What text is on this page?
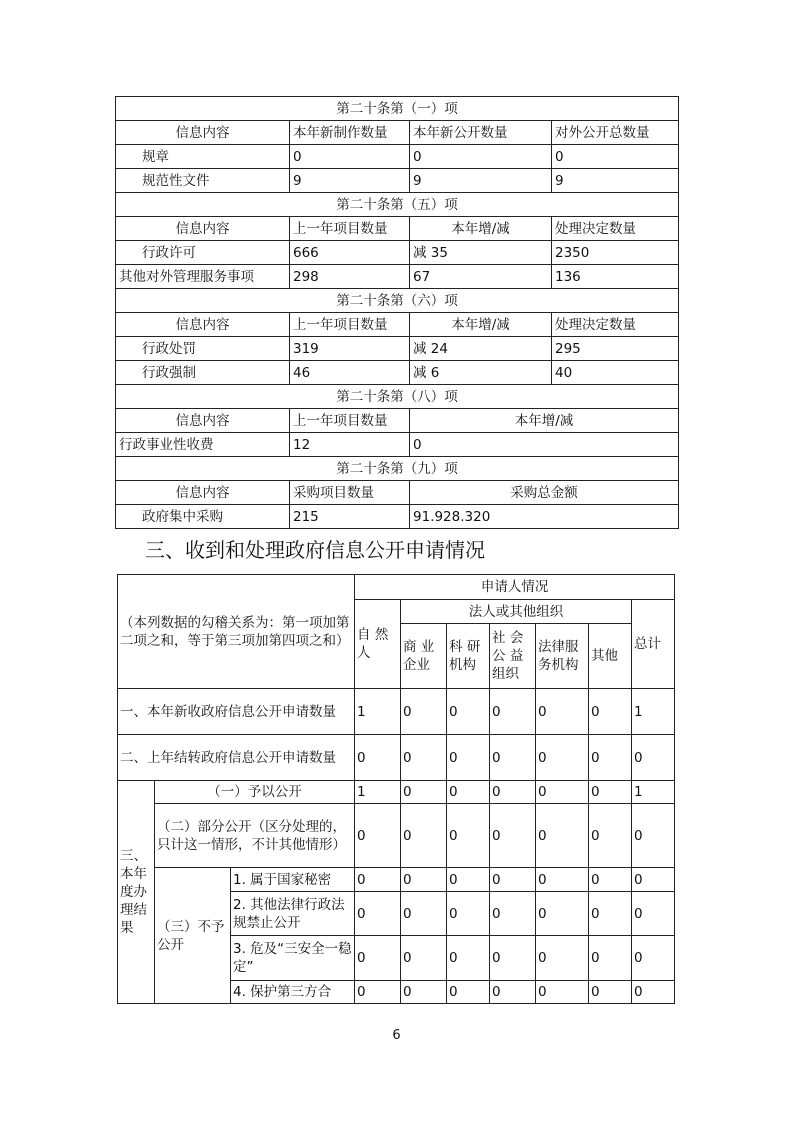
第二十条第（一）项			
信息内容	本年新制作数量	本年新公开数量	对外公开总数量
规章	0	0	0
规范性文件	9	9	9
第二十条第（五）项			
信息内容	上一年项目数量	本年增/减	处理决定数量
行政许可	666	减 35	2350
其他对外管理服务事项	298	67	136
第二十条第（六）项			
信息内容	上一年项目数量	本年增/减	处理决定数量
行政处罚	319	减 24	295
行政强制	46	减 6	40
第二十条第（八）项			
信息内容	上一年项目数量	本年增/减	
行政事业性收费	12	0	
第二十条第（九）项			
信息内容	采购项目数量	采购总金额	
政府集中采购	215	91.928.320	
三、收到和处理政府信息公开申请情况
（本列数据的勾稽关系为：第一项加第二项之和，等于第三项加第四项之和）			申请人情况						
			自 然人	法人或其他组织					总计
				商 业企业	科 研机构	社 会公 益组织	法律服务机构	其他	
一、本年新收政府信息公开申请数量			1	0	0	0	0	0	1
二、上年结转政府信息公开申请数量			0	0	0	0	0	0	0
三、本年度办理结果	（一）予以公开		1	0	0	0	0	0	1
	（二）部分公开（区分处理的，只计这一情形，不计其他情形）		0	0	0	0	0	0	0
	（三）不予公开	1. 属于国家秘密	0	0	0	0	0	0	0
		2. 其他法律行政法规禁止公开	0	0	0	0	0	0	0
		3. 危及“三安全一稳定”	0	0	0	0	0	0	0
		4. 保护第三方合	0	0	0	0	0	0	0
6
